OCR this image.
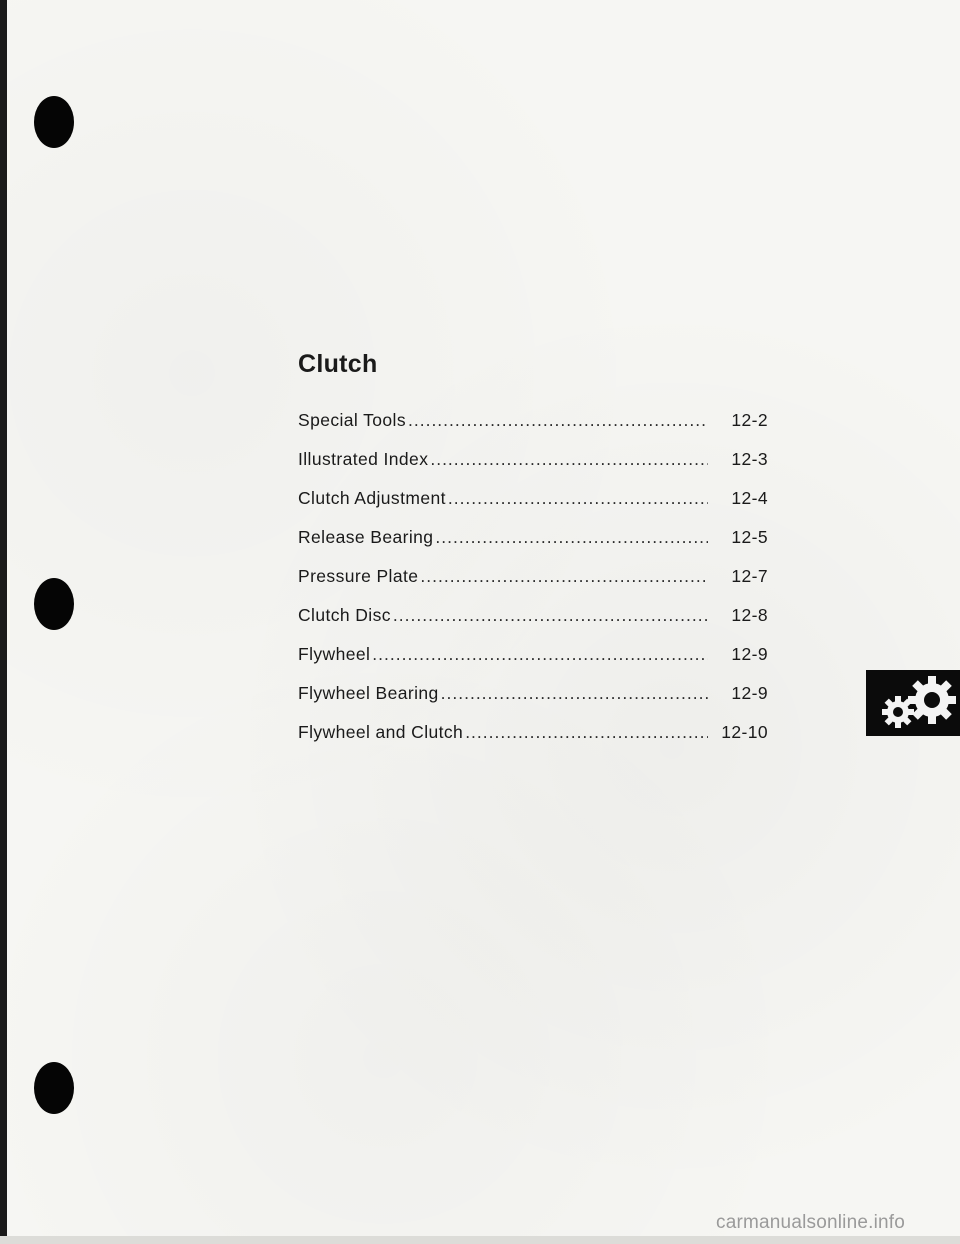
Clutch
Special Tools .....	12-2
Illustrated Index .....	12-3
Clutch Adjustment .....	12-4
Release Bearing .....	12-5
Pressure Plate .....	12-7
Clutch Disc .....	12-8
Flywheel .....	12-9
Flywheel Bearing .....	12-9
Flywheel and Clutch .....	12-10
carmanualsonline.info
